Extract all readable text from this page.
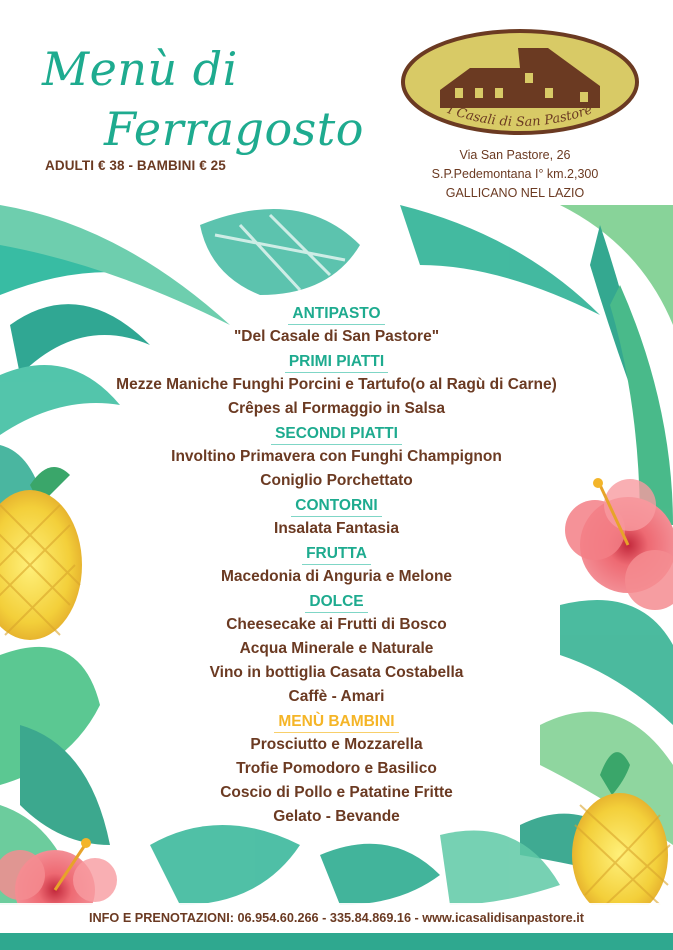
Menù di
Ferragosto
ADULTI € 38 - BAMBINI € 25
I Casali di San Pastore
Via San Pastore, 26
S.P.Pedemontana I° km.2,300
GALLICANO NEL LAZIO
ANTIPASTO
"Del Casale di San Pastore"
PRIMI PIATTI
Mezze Maniche Funghi Porcini e Tartufo(o al Ragù di Carne)
Crêpes al Formaggio in Salsa
SECONDI PIATTI
Involtino Primavera con Funghi Champignon
Coniglio Porchettato
CONTORNI
Insalata Fantasia
FRUTTA
Macedonia di Anguria e Melone
DOLCE
Cheesecake ai Frutti di Bosco
Acqua Minerale e Naturale
Vino in bottiglia Casata Costabella
Caffè - Amari
MENÙ BAMBINI
Prosciutto e Mozzarella
Trofie Pomodoro e Basilico
Coscio di Pollo e Patatine Fritte
Gelato - Bevande
INFO E PRENOTAZIONI: 06.954.60.266 - 335.84.869.16 - www.icasalidisanpastore.it
